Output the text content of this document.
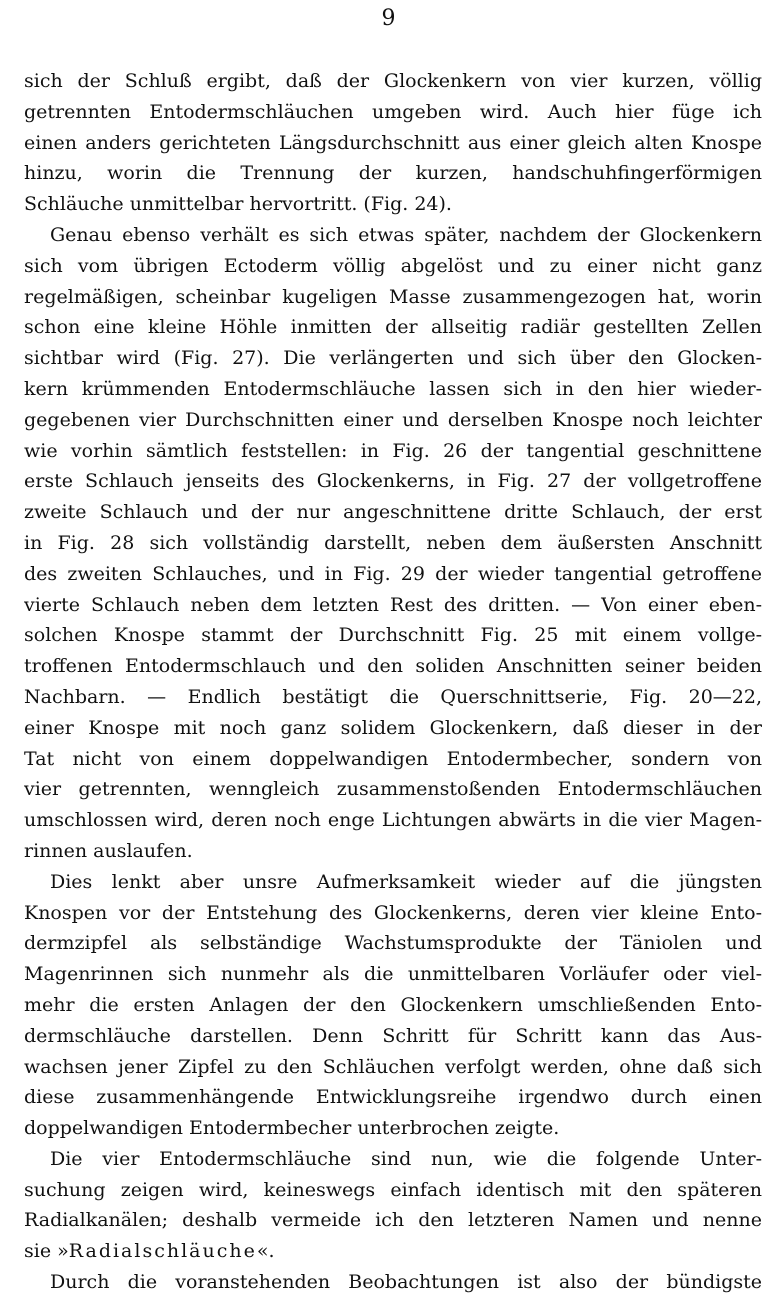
9
sich der Schluß ergibt, daß der Glockenkern von vier kurzen, völlig
getrennten Entodermschläuchen umgeben wird. Auch hier füge ich
einen anders gerichteten Längsdurchschnitt aus einer gleich alten Knospe
hinzu, worin die Trennung der kurzen, handschuhfingerförmigen
Schläuche unmittelbar hervortritt. (Fig. 24).
Genau ebenso verhält es sich etwas später, nachdem der Glockenkern
sich vom übrigen Ectoderm völlig abgelöst und zu einer nicht ganz
regelmäßigen, scheinbar kugeligen Masse zusammengezogen hat, worin
schon eine kleine Höhle inmitten der allseitig radiär gestellten Zellen
sichtbar wird (Fig. 27). Die verlängerten und sich über den Glocken-
kern krümmenden Entodermschläuche lassen sich in den hier wieder-
gegebenen vier Durchschnitten einer und derselben Knospe noch leichter
wie vorhin sämtlich feststellen: in Fig. 26 der tangential geschnittene
erste Schlauch jenseits des Glockenkerns, in Fig. 27 der vollgetroffene
zweite Schlauch und der nur angeschnittene dritte Schlauch, der erst
in Fig. 28 sich vollständig darstellt, neben dem äußersten Anschnitt
des zweiten Schlauches, und in Fig. 29 der wieder tangential getroffene
vierte Schlauch neben dem letzten Rest des dritten. — Von einer eben-
solchen Knospe stammt der Durchschnitt Fig. 25 mit einem vollge-
troffenen Entodermschlauch und den soliden Anschnitten seiner beiden
Nachbarn. — Endlich bestätigt die Querschnittserie, Fig. 20—22,
einer Knospe mit noch ganz solidem Glockenkern, daß dieser in der
Tat nicht von einem doppelwandigen Entodermbecher, sondern von
vier getrennten, wenngleich zusammenstoßenden Entodermschläuchen
umschlossen wird, deren noch enge Lichtungen abwärts in die vier Magen-
rinnen auslaufen.
Dies lenkt aber unsre Aufmerksamkeit wieder auf die jüngsten
Knospen vor der Entstehung des Glockenkerns, deren vier kleine Ento-
dermzipfel als selbständige Wachstumsprodukte der Täniolen und
Magenrinnen sich nunmehr als die unmittelbaren Vorläufer oder viel-
mehr die ersten Anlagen der den Glockenkern umschließenden Ento-
dermschläuche darstellen. Denn Schritt für Schritt kann das Aus-
wachsen jener Zipfel zu den Schläuchen verfolgt werden, ohne daß sich
diese zusammenhängende Entwicklungsreihe irgendwo durch einen
doppelwandigen Entodermbecher unterbrochen zeigte.
Die vier Entodermschläuche sind nun, wie die folgende Unter-
suchung zeigen wird, keineswegs einfach identisch mit den späteren
Radialkanälen; deshalb vermeide ich den letzteren Namen und nenne
sie »Radialschläuche«.
Durch die voranstehenden Beobachtungen ist also der bündigste
